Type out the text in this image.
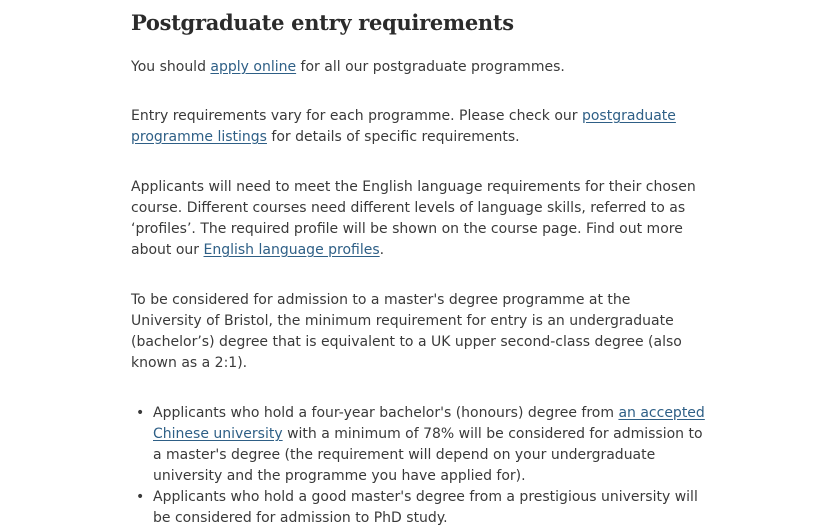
Postgraduate entry requirements

You should apply online for all our postgraduate programmes.

Entry requirements vary for each programme. Please check our postgraduate programme listings for details of specific requirements.

Applicants will need to meet the English language requirements for their chosen course. Different courses need different levels of language skills, referred to as ‘profiles’. The required profile will be shown on the course page. Find out more about our English language profiles.

To be considered for admission to a master's degree programme at the University of Bristol, the minimum requirement for entry is an undergraduate (bachelor’s) degree that is equivalent to a UK upper second-class degree (also known as a 2:1).

• Applicants who hold a four-year bachelor's (honours) degree from an accepted Chinese university with a minimum of 78% will be considered for admission to a master's degree (the requirement will depend on your undergraduate university and the programme you have applied for).
• Applicants who hold a good master's degree from a prestigious university will be considered for admission to PhD study.
